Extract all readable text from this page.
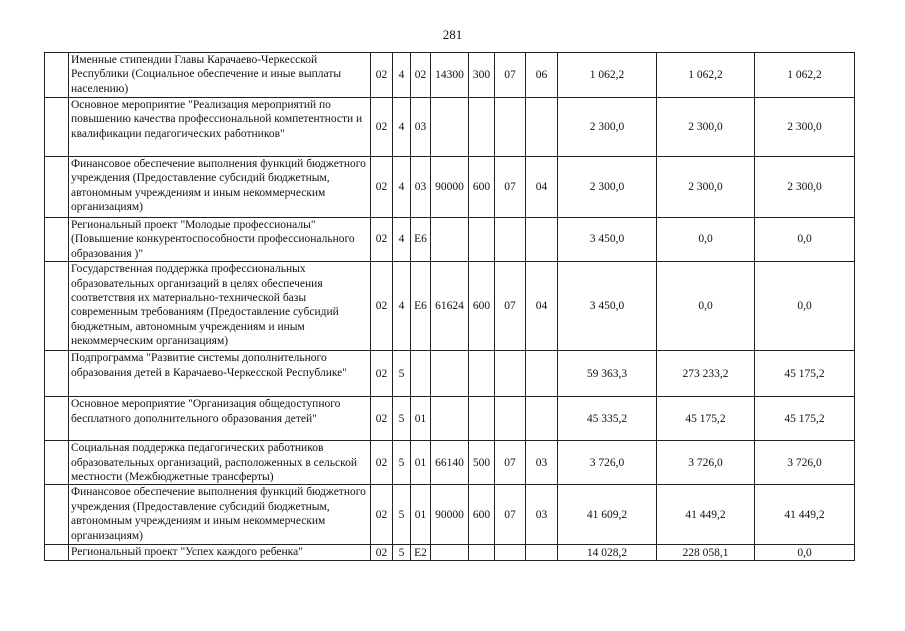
281
	Именные стипендии Главы Карачаево-Черкесской Республики (Социальное обеспечение и иные выплаты населению)	02	4	02	14300	300	07	06	1 062,2	1 062,2	1 062,2
	Основное мероприятие "Реализация мероприятий по повышению качества профессиональной компетентности и квалификации педагогических работников"	02	4	03					2 300,0	2 300,0	2 300,0
	Финансовое обеспечение выполнения функций бюджетного учреждения (Предоставление субсидий бюджетным, автономным учреждениям и иным некоммерческим организациям)	02	4	03	90000	600	07	04	2 300,0	2 300,0	2 300,0
	Региональный проект "Молодые профессионалы" (Повышение конкурентоспособности профессионального образования )"	02	4	Е6					3 450,0	0,0	0,0
	Государственная поддержка профессиональных образовательных организаций в целях обеспечения соответствия их материально-технической базы современным требованиям (Предоставление субсидий бюджетным, автономным учреждениям и иным некоммерческим организациям)	02	4	Е6	61624	600	07	04	3 450,0	0,0	0,0
	Подпрограмма "Развитие системы дополнительного образования детей в Карачаево-Черкесской Республике"	02	5						59 363,3	273 233,2	45 175,2
	Основное мероприятие "Организация общедоступного бесплатного дополнительного образования детей"	02	5	01					45 335,2	45 175,2	45 175,2
	Социальная поддержка педагогических работников образовательных организаций, расположенных в сельской местности (Межбюджетные трансферты)	02	5	01	66140	500	07	03	3 726,0	3 726,0	3 726,0
	Финансовое обеспечение выполнения функций бюджетного учреждения (Предоставление субсидий бюджетным, автономным учреждениям и иным некоммерческим организациям)	02	5	01	90000	600	07	03	41 609,2	41 449,2	41 449,2
	Региональный проект "Успех каждого ребенка"	02	5	Е2					14 028,2	228 058,1	0,0
